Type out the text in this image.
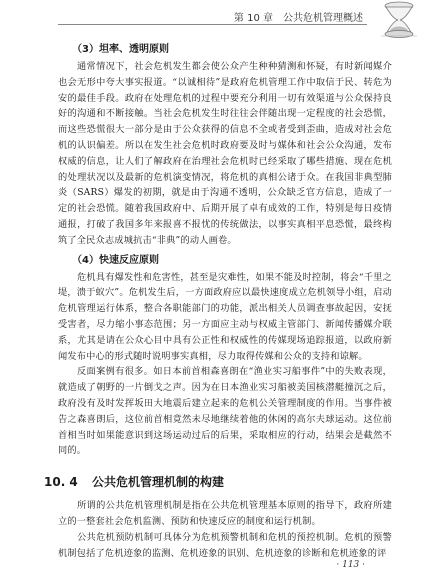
第 10 章　公共危机管理概述
（3）坦率、透明原则

通常情况下，社会危机发生都会使公众产生种种猜测和怀疑，有时新闻媒介也会无形中夸大事实报道。“以诚相待”是政府危机管理工作中取信于民、转危为安的最佳手段。政府在处理危机的过程中要充分利用一切有效渠道与公众保持良好的沟通和不断接触。当社会危机发生时往往会伴随出现一定程度的社会恐慌，而这些恐慌很大一部分是由于公众获得的信息不全或者受到歪曲，造成对社会危机的认识偏差。所以在发生社会危机时政府要及时与媒体和社会公众沟通，发布权威的信息，让人们了解政府在治理社会危机时已经采取了哪些措施、现在危机的处理状况以及最新的危机演变情况，将危机的真相公诸于众。在我国非典型肺炎（SARS）爆发的初期，就是由于沟通不透明，公众缺乏官方信息，造成了一定的社会恐慌。随着我国政府中、后期开展了卓有成效的工作，特别是每日疫情通报，打破了我国多年来报喜不报忧的传统做法，以事实真相平息恐慌，最终构筑了全民众志成城抗击“非典”的动人画卷。

（4）快速反应原则

危机具有爆发性和危害性，甚至是灾难性，如果不能及时控制，将会“千里之堤，溃于蚁穴”。危机发生后，一方面政府应以最快速度成立危机领导小组，启动危机管理运行体系，整合各职能部门的功能，派出相关人员调查事故起因，安抚受害者，尽力缩小事态范围；另一方面应主动与权威主管部门、新闻传播媒介联系，尤其是请在公众心目中具有公正性和权威性的传媒现场追踪报道，以政府新闻发布中心的形式随时说明事实真相，尽力取得传媒和公众的支持和谅解。

反面案例有很多。如日本前首相森喜朗在“渔业实习船事件”中的失败表现，就造成了朝野的一片倒戈之声。因为在日本渔业实习船被美国核潜艇撞沉之后，政府没有及时发挥坂田大地震后建立起来的危机公关管理制度的作用。当事件被告之森喜朗后，这位前首相竟然未尽地继续着他的休闲的高尔夫球运动。这位前首相当时如果能意识到这场运动过后的后果，采取相应的行动，结果会是截然不同的。

10. 4 公共危机管理机制的构建

所谓的公共危机管理机制是指在公共危机管理基本原则的指导下，政府所建立的一整套社会危机监测、预防和快速反应的制度和运行机制。

公共危机预防机制可具体分为危机预警机制和危机的预控机制。危机的预警机制包括了危机迹象的监测、危机迹象的识别、危机迹象的诊断和危机迹象的评

· 113 ·
